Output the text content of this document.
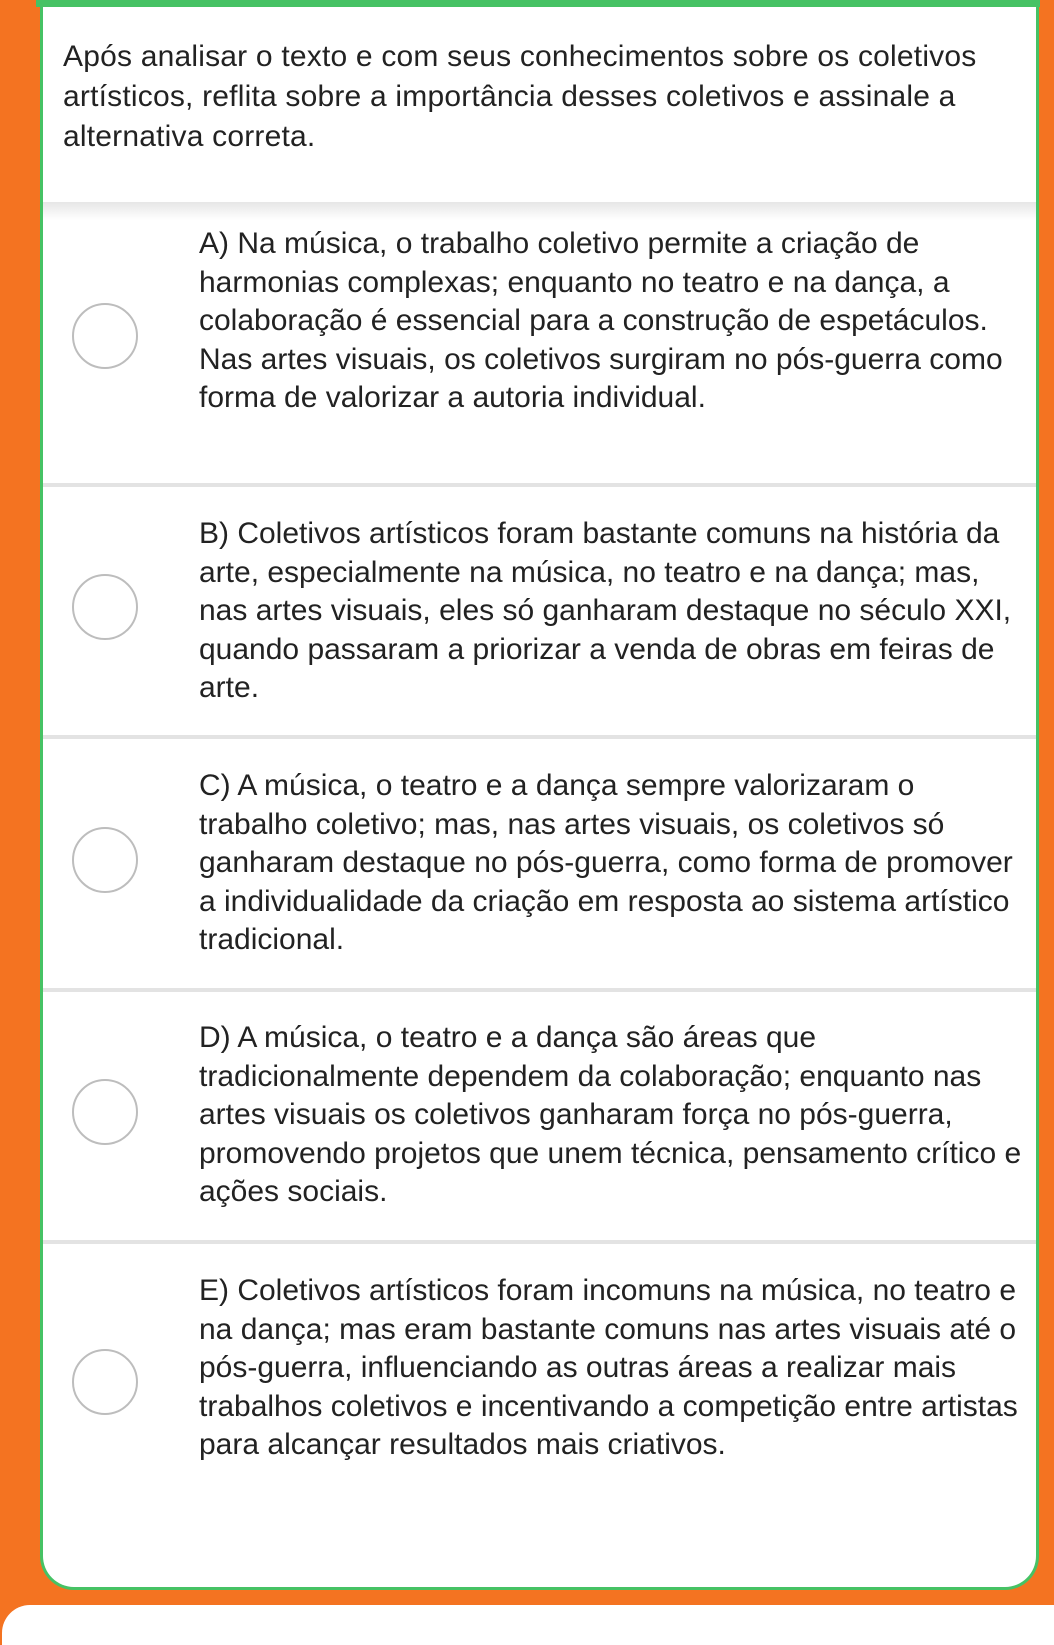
Após analisar o texto e com seus conhecimentos sobre os coletivos artísticos, reflita sobre a importância desses coletivos e assinale a alternativa correta.
A) Na música, o trabalho coletivo permite a criação de harmonias complexas; enquanto no teatro e na dança, a colaboração é essencial para a construção de espetáculos. Nas artes visuais, os coletivos surgiram no pós-guerra como forma de valorizar a autoria individual.
B) Coletivos artísticos foram bastante comuns na história da arte, especialmente na música, no teatro e na dança; mas, nas artes visuais, eles só ganharam destaque no século XXI, quando passaram a priorizar a venda de obras em feiras de arte.
C) A música, o teatro e a dança sempre valorizaram o trabalho coletivo; mas, nas artes visuais, os coletivos só ganharam destaque no pós-guerra, como forma de promover a individualidade da criação em resposta ao sistema artístico tradicional.
D) A música, o teatro e a dança são áreas que tradicionalmente dependem da colaboração; enquanto nas artes visuais os coletivos ganharam força no pós-guerra, promovendo projetos que unem técnica, pensamento crítico e ações sociais.
E) Coletivos artísticos foram incomuns na música, no teatro e na dança; mas eram bastante comuns nas artes visuais até o pós-guerra, influenciando as outras áreas a realizar mais trabalhos coletivos e incentivando a competição entre artistas para alcançar resultados mais criativos.
